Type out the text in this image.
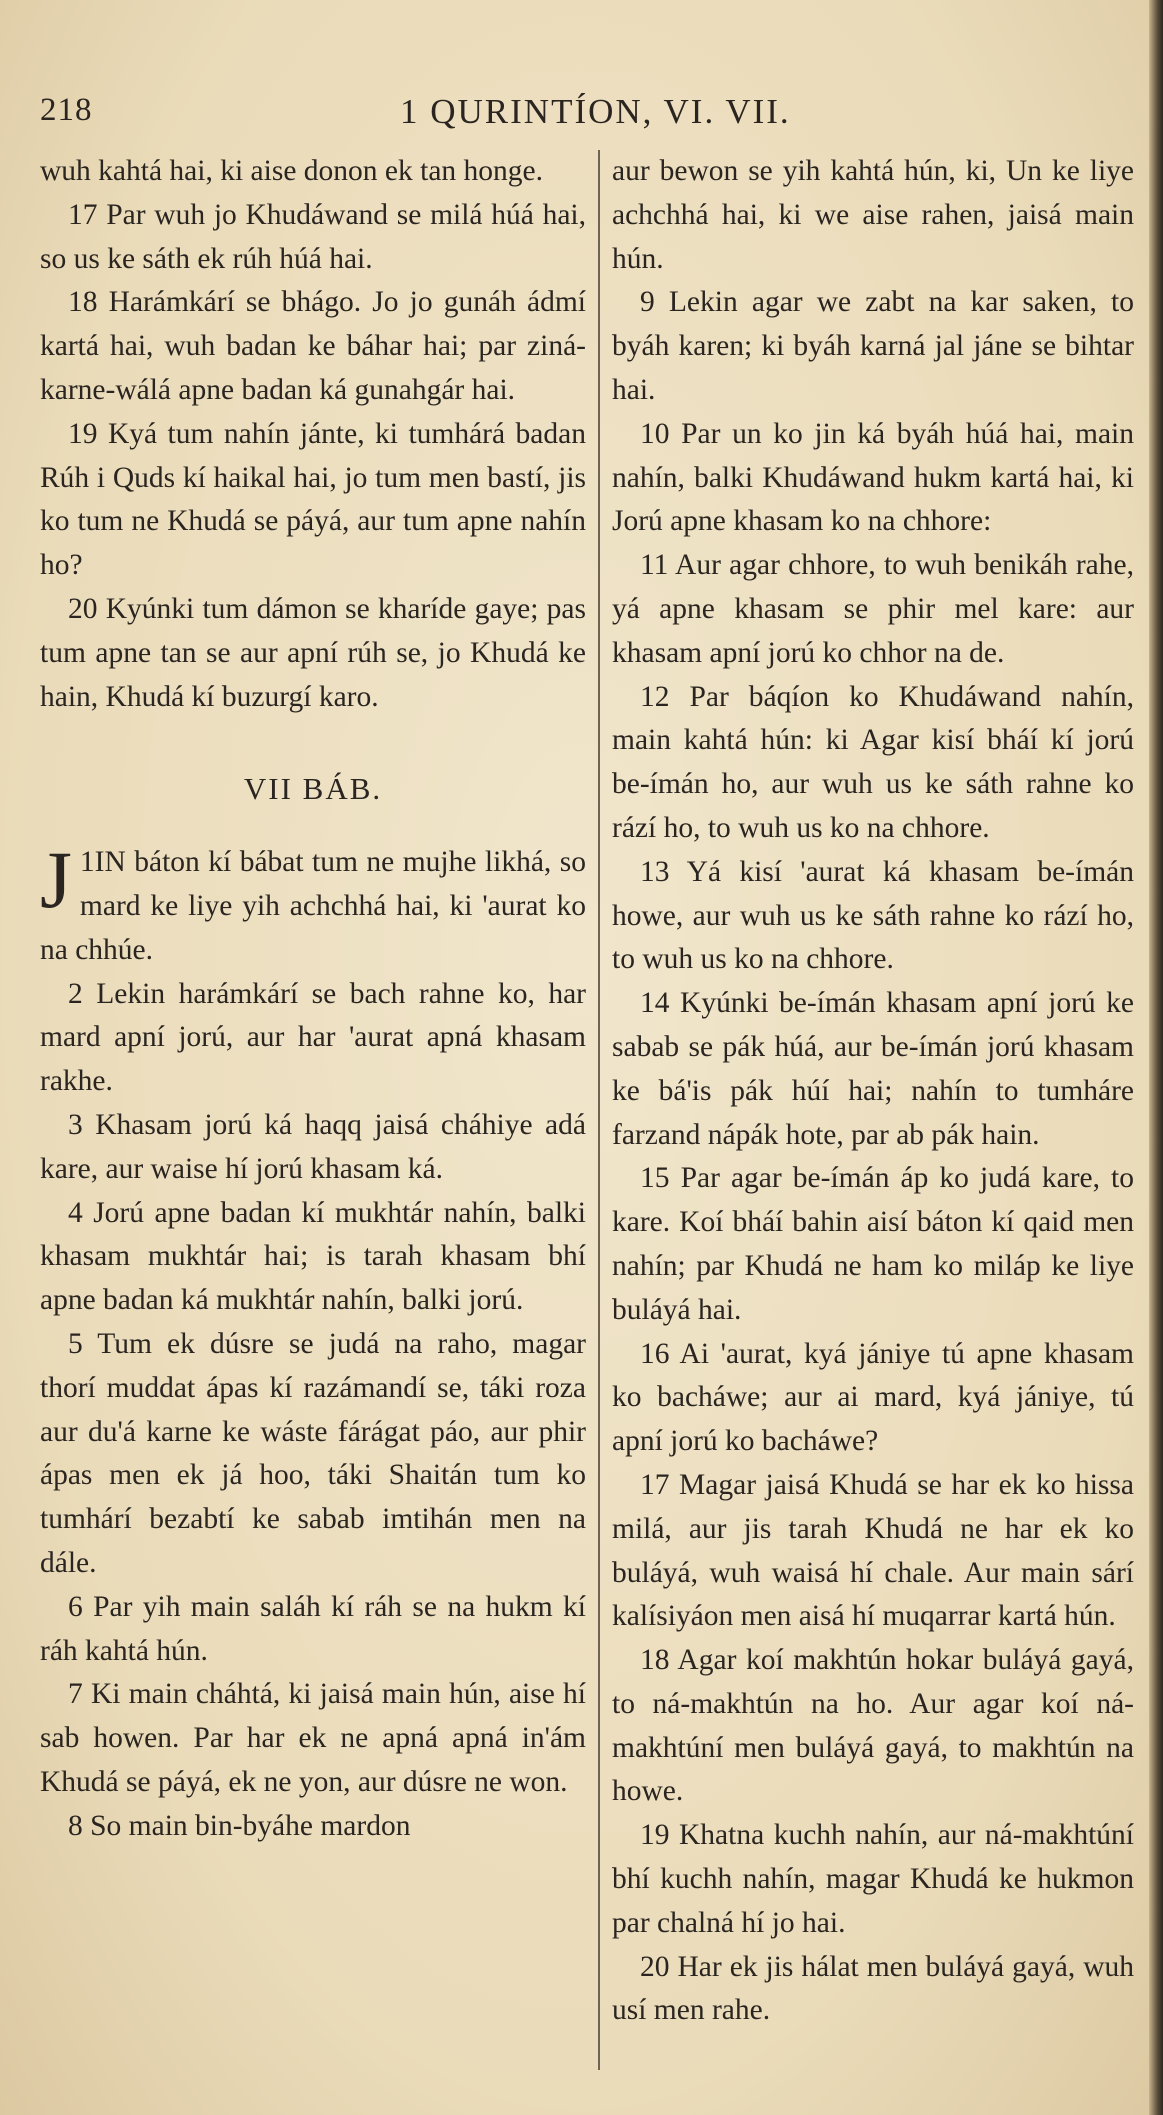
218	1 QURINTÍON, VI. VII.

wuh kahtá hai, ki aise donon ek tan honge.

17 Par wuh jo Khudáwand se milá húá hai, so us ke sáth ek rúh húá hai.

18 Harámkárí se bhágo. Jo jo gunáh ádmí kartá hai, wuh badan ke báhar hai; par ziná-karne-wálá apne badan ká gunahgár hai.

19 Kyá tum nahín jánte, ki tumhárá badan Rúh i Quds kí haikal hai, jo tum men bastí, jis ko tum ne Khudá se páyá, aur tum apne nahín ho?

20 Kyúnki tum dámon se kharíde gaye; pas tum apne tan se aur apní rúh se, jo Khudá ke hain, Khudá kí buzurgí karo.

VII BÁB.

1
J IN báton kí bábat tum ne mujhe likhá, so mard ke liye yih achchhá hai, ki 'aurat ko na chhúe.

2 Lekin harámkárí se bach rahne ko, har mard apní jorú, aur har 'aurat apná khasam rakhe.

3 Khasam jorú ká haqq jaisá cháhiye adá kare, aur waise hí jorú khasam ká.

4 Jorú apne badan kí mukhtár nahín, balki khasam mukhtár hai; is tarah khasam bhí apne badan ká mukhtár nahín, balki jorú.

5 Tum ek dúsre se judá na raho, magar thorí muddat ápas kí razámandí se, táki roza aur du'á karne ke wáste fárágat páo, aur phir ápas men ek já hoo, táki Shaitán tum ko tumhárí bezabtí ke sabab imtihán men na dále.

6 Par yih main saláh kí ráh se na hukm kí ráh kahtá hún.

7 Ki main cháhtá, ki jaisá main hún, aise hí sab howen. Par har ek ne apná apná in'ám Khudá se páyá, ek ne yon, aur dúsre ne won.

8 So main bin-byáhe mardon

aur bewon se yih kahtá hún, ki, Un ke liye achchhá hai, ki we aise rahen, jaisá main hún.

9 Lekin agar we zabt na kar saken, to byáh karen; ki byáh karná jal jáne se bihtar hai.

10 Par un ko jin ká byáh húá hai, main nahín, balki Khudáwand hukm kartá hai, ki Jorú apne khasam ko na chhore:

11 Aur agar chhore, to wuh benikáh rahe, yá apne khasam se phir mel kare: aur khasam apní jorú ko chhor na de.

12 Par báqíon ko Khudáwand nahín, main kahtá hún: ki Agar kisí bháí kí jorú be-ímán ho, aur wuh us ke sáth rahne ko rází ho, to wuh us ko na chhore.

13 Yá kisí 'aurat ká khasam be-ímán howe, aur wuh us ke sáth rahne ko rází ho, to wuh us ko na chhore.

14 Kyúnki be-ímán khasam apní jorú ke sabab se pák húá, aur be-ímán jorú khasam ke bá'is pák húí hai; nahín to tumháre farzand nápák hote, par ab pák hain.

15 Par agar be-ímán áp ko judá kare, to kare. Koí bháí bahin aisí báton kí qaid men nahín; par Khudá ne ham ko miláp ke liye buláyá hai.

16 Ai 'aurat, kyá jániye tú apne khasam ko bacháwe; aur ai mard, kyá jániye, tú apní jorú ko bacháwe?

17 Magar jaisá Khudá se har ek ko hissa milá, aur jis tarah Khudá ne har ek ko buláyá, wuh waisá hí chale. Aur main sárí kalísiyáon men aisá hí muqarrar kartá hún.

18 Agar koí makhtún hokar buláyá gayá, to ná-makhtún na ho. Aur agar koí ná-makhtúní men buláyá gayá, to makhtún na howe.

19 Khatna kuchh nahín, aur ná-makhtúní bhí kuchh nahín, magar Khudá ke hukmon par chalná hí jo hai.

20 Har ek jis hálat men buláyá gayá, wuh usí men rahe.
